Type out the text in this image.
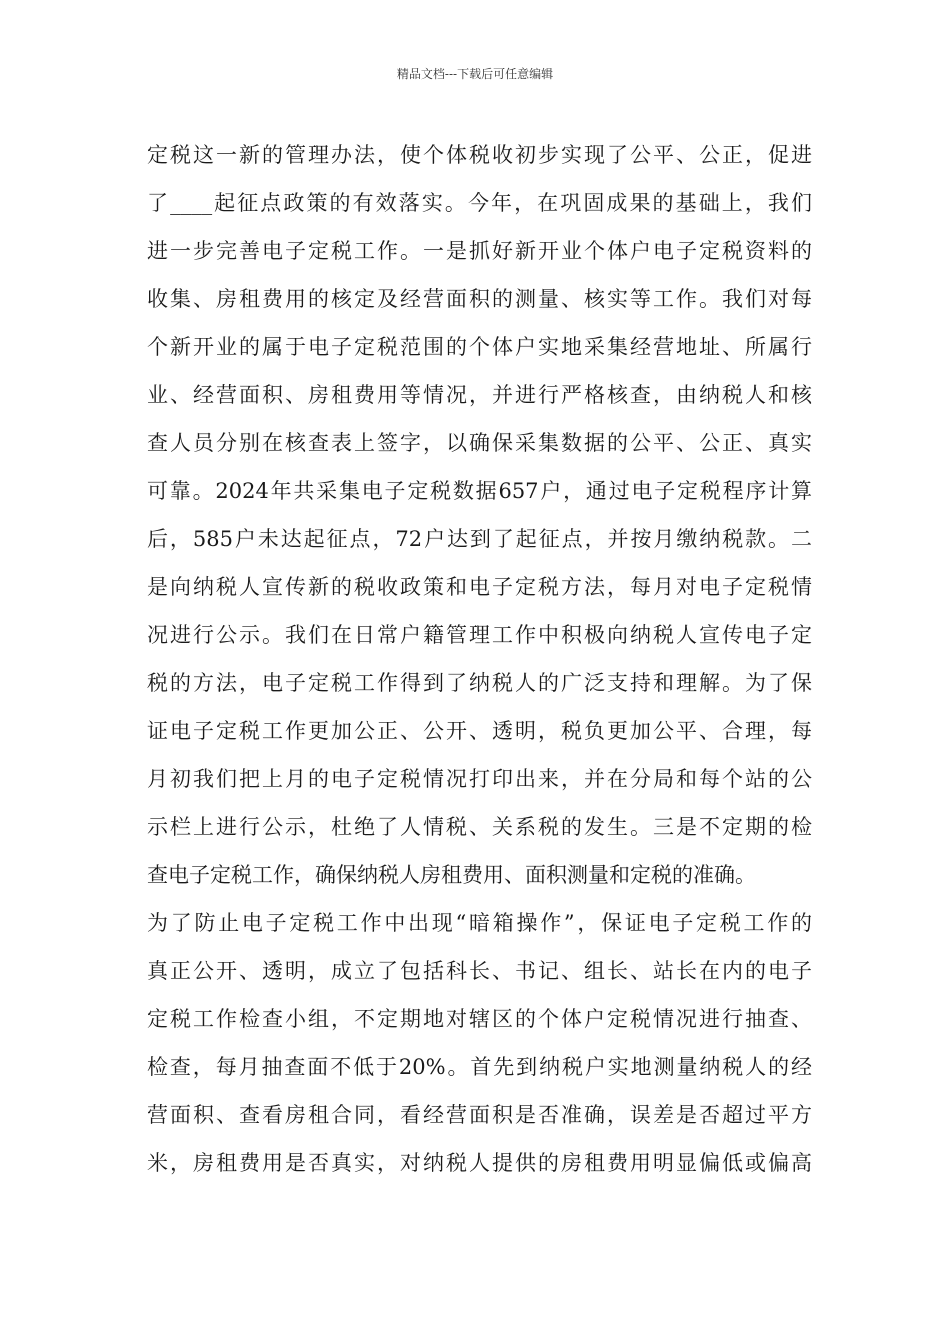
精品文档---下载后可任意编辑
定税这一新的管理办法，使个体税收初步实现了公平、公正，促进
了____起征点政策的有效落实。今年，在巩固成果的基础上，我们
进一步完善电子定税工作。一是抓好新开业个体户电子定税资料的
收集、房租费用的核定及经营面积的测量、核实等工作。我们对每
个新开业的属于电子定税范围的个体户实地采集经营地址、所属行
业、经营面积、房租费用等情况，并进行严格核查，由纳税人和核
查人员分别在核查表上签字，以确保采集数据的公平、公正、真实
可靠。2024年共采集电子定税数据657户，通过电子定税程序计算
后，585户未达起征点，72户达到了起征点，并按月缴纳税款。二
是向纳税人宣传新的税收政策和电子定税方法，每月对电子定税情
况进行公示。我们在日常户籍管理工作中积极向纳税人宣传电子定
税的方法，电子定税工作得到了纳税人的广泛支持和理解。为了保
证电子定税工作更加公正、公开、透明，税负更加公平、合理，每
月初我们把上月的电子定税情况打印出来，并在分局和每个站的公
示栏上进行公示，杜绝了人情税、关系税的发生。三是不定期的检
查电子定税工作，确保纳税人房租费用、面积测量和定税的准确。
为了防止电子定税工作中出现“暗箱操作”，保证电子定税工作的
真正公开、透明，成立了包括科长、书记、组长、站长在内的电子
定税工作检查小组，不定期地对辖区的个体户定税情况进行抽查、
检查，每月抽查面不低于20%。首先到纳税户实地测量纳税人的经
营面积、查看房租合同，看经营面积是否准确，误差是否超过平方
米，房租费用是否真实，对纳税人提供的房租费用明显偏低或偏高
